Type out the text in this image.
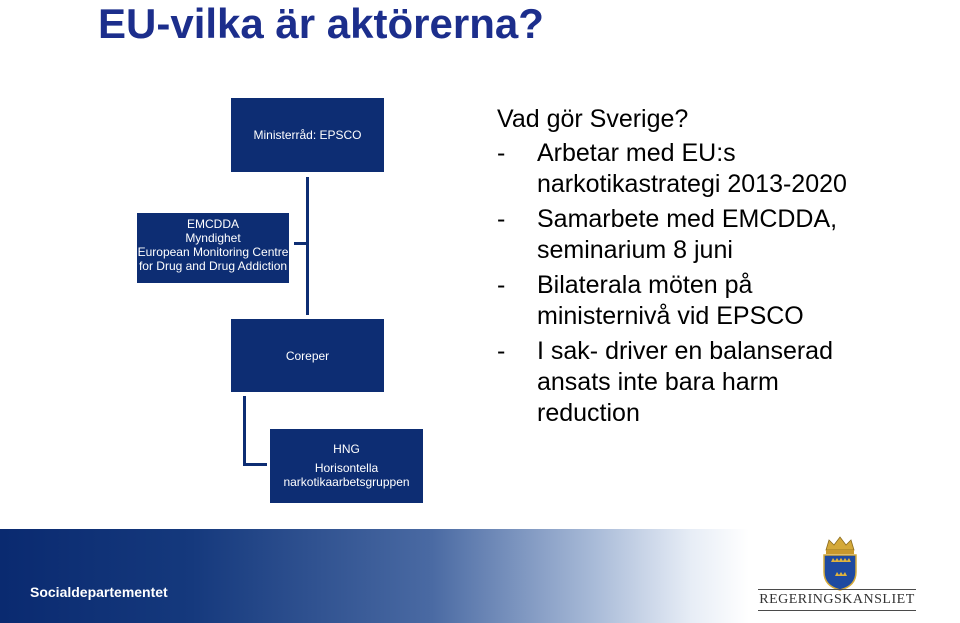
EU-vilka är aktörerna?
Ministerråd: EPSCO
EMCDDA
Myndighet
European Monitoring Centre
for Drug and Drug Addiction
Coreper
HNG
Horisontella
narkotikaarbetsgruppen
Vad gör Sverige?
- Arbetar med EU:s
narkotikastrategi 2013-2020
- Samarbete med EMCDDA,
seminarium 8 juni
- Bilaterala möten på
ministernivå vid EPSCO
- I sak- driver en balanserad
ansats inte bara harm
reduction
Socialdepartementet	REGERINGSKANSLIET
